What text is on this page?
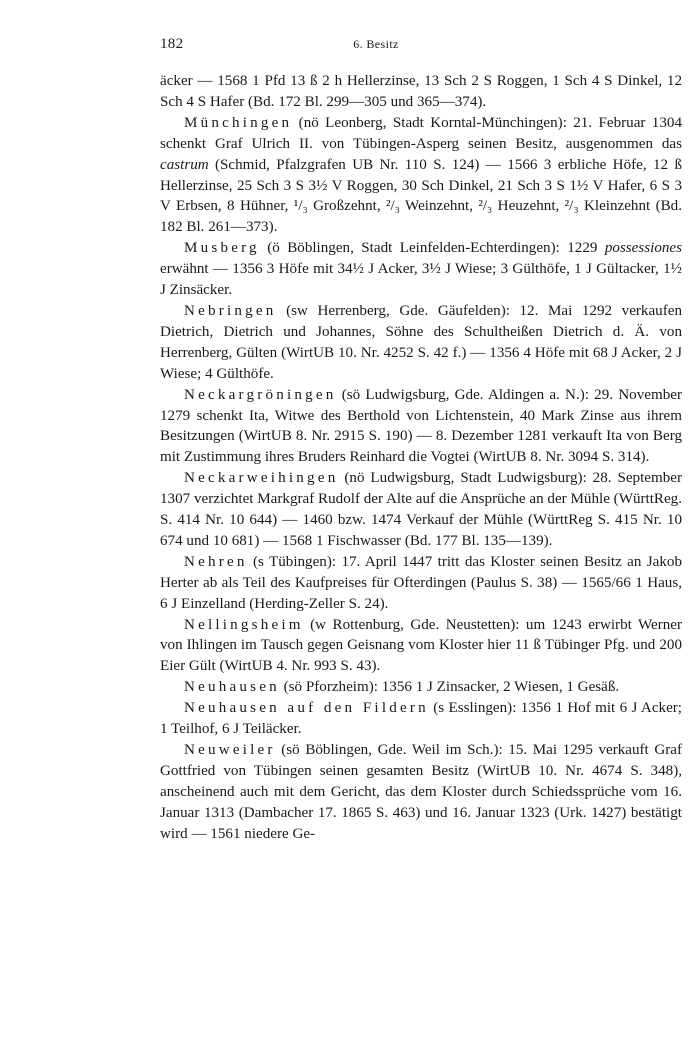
182	6. Besitz

äcker — 1568 1 Pfd 13 ß 2 h Hellerzinse, 13 Sch 2 S Roggen, 1 Sch 4 S Dinkel, 12 Sch 4 S Hafer (Bd. 172 Bl. 299—305 und 365—374).

Münchingen (nö Leonberg, Stadt Korntal-Münchingen): 21. Februar 1304 schenkt Graf Ulrich II. von Tübingen-Asperg seinen Besitz, ausgenommen das castrum (Schmid, Pfalzgrafen UB Nr. 110 S. 124) — 1566 3 erbliche Höfe, 12 ß Hellerzinse, 25 Sch 3 S 3½ V Roggen, 30 Sch Dinkel, 21 Sch 3 S 1½ V Hafer, 6 S 3 V Erbsen, 8 Hühner, ¹/₃ Großzehnt, ²/₃ Weinzehnt, ²/₃ Heuzehnt, ²/₃ Kleinzehnt (Bd. 182 Bl. 261—373).

Musberg (ö Böblingen, Stadt Leinfelden-Echterdingen): 1229 possessiones erwähnt — 1356 3 Höfe mit 34½ J Acker, 3½ J Wiese; 3 Gülthöfe, 1 J Gültacker, 1½ J Zinsäcker.

Nebringen (sw Herrenberg, Gde. Gäufelden): 12. Mai 1292 verkaufen Dietrich, Dietrich und Johannes, Söhne des Schultheißen Dietrich d. Ä. von Herrenberg, Gülten (WirtUB 10. Nr. 4252 S. 42 f.) — 1356 4 Höfe mit 68 J Acker, 2 J Wiese; 4 Gülthöfe.

Neckargröningen (sö Ludwigsburg, Gde. Aldingen a. N.): 29. November 1279 schenkt Ita, Witwe des Berthold von Lichtenstein, 40 Mark Zinse aus ihrem Besitzungen (WirtUB 8. Nr. 2915 S. 190) — 8. Dezember 1281 verkauft Ita von Berg mit Zustimmung ihres Bruders Reinhard die Vogtei (WirtUB 8. Nr. 3094 S. 314).

Neckarweihingen (nö Ludwigsburg, Stadt Ludwigsburg): 28. September 1307 verzichtet Markgraf Rudolf der Alte auf die Ansprüche an der Mühle (WürttReg. S. 414 Nr. 10 644) — 1460 bzw. 1474 Verkauf der Mühle (WürttReg S. 415 Nr. 10 674 und 10 681) — 1568 1 Fischwasser (Bd. 177 Bl. 135—139).

Nehren (s Tübingen): 17. April 1447 tritt das Kloster seinen Besitz an Jakob Herter ab als Teil des Kaufpreises für Ofterdingen (Paulus S. 38) — 1565/66 1 Haus, 6 J Einzelland (Herding-Zeller S. 24).

Nellingsheim (w Rottenburg, Gde. Neustetten): um 1243 erwirbt Werner von Ihlingen im Tausch gegen Geisnang vom Kloster hier 11 ß Tübinger Pfg. und 200 Eier Gült (WirtUB 4. Nr. 993 S. 43).

Neuhausen (sö Pforzheim): 1356 1 J Zinsacker, 2 Wiesen, 1 Gesäß.

Neuhausen auf den Fildern (s Esslingen): 1356 1 Hof mit 6 J Acker; 1 Teilhof, 6 J Teiläcker.

Neuweiler (sö Böblingen, Gde. Weil im Sch.): 15. Mai 1295 verkauft Graf Gottfried von Tübingen seinen gesamten Besitz (WirtUB 10. Nr. 4674 S. 348), anscheinend auch mit dem Gericht, das dem Kloster durch Schiedssprüche vom 16. Januar 1313 (Dambacher 17. 1865 S. 463) und 16. Januar 1323 (Urk. 1427) bestätigt wird — 1561 niedere Ge-
